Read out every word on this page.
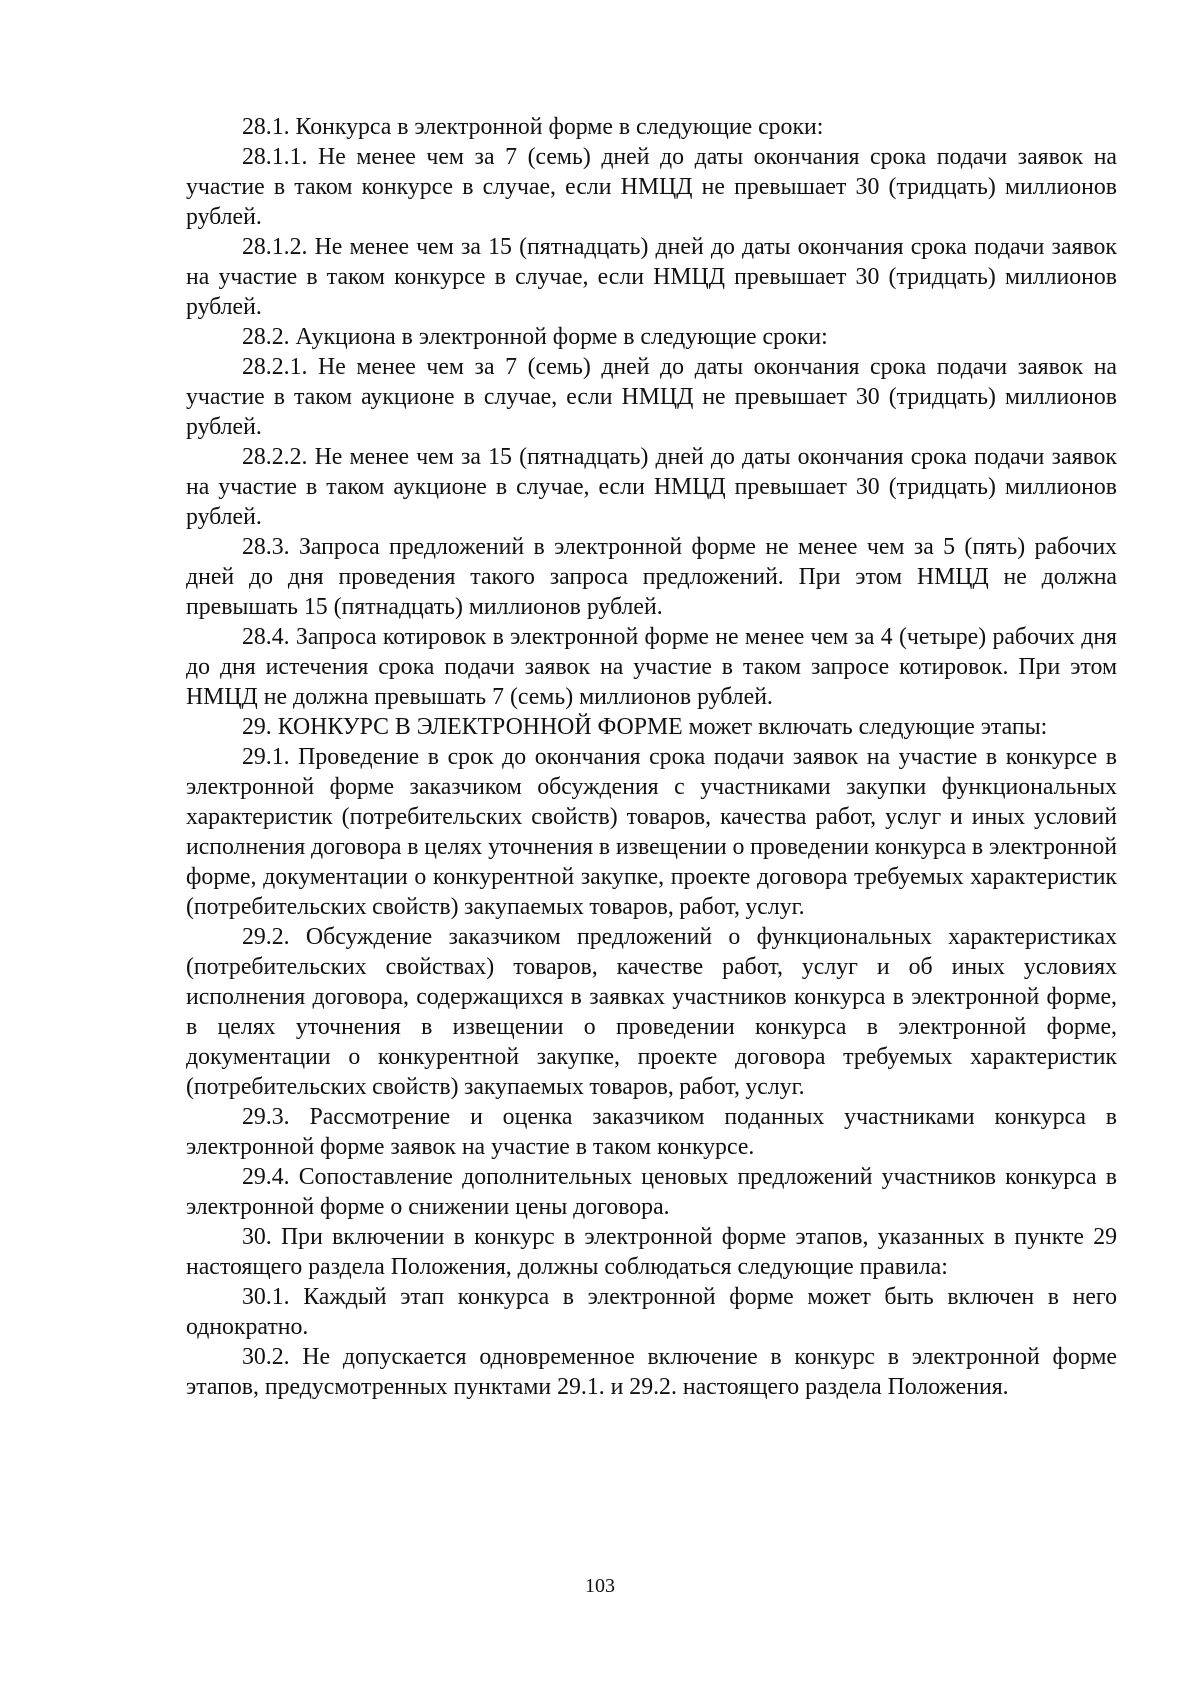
28.1. Конкурса в электронной форме в следующие сроки:

28.1.1. Не менее чем за 7 (семь) дней до даты окончания срока подачи заявок на участие в таком конкурсе в случае, если НМЦД не превышает 30 (тридцать) миллионов рублей.

28.1.2. Не менее чем за 15 (пятнадцать) дней до даты окончания срока подачи заявок на участие в таком конкурсе в случае, если НМЦД превышает 30 (тридцать) миллионов рублей.

28.2. Аукциона в электронной форме в следующие сроки:

28.2.1. Не менее чем за 7 (семь) дней до даты окончания срока подачи заявок на участие в таком аукционе в случае, если НМЦД не превышает 30 (тридцать) миллионов рублей.

28.2.2. Не менее чем за 15 (пятнадцать) дней до даты окончания срока подачи заявок на участие в таком аукционе в случае, если НМЦД превышает 30 (тридцать) миллионов рублей.

28.3. Запроса предложений в электронной форме не менее чем за 5 (пять) рабочих дней до дня проведения такого запроса предложений. При этом НМЦД не должна превышать 15 (пятнадцать) миллионов рублей.

28.4. Запроса котировок в электронной форме не менее чем за 4 (четыре) рабочих дня до дня истечения срока подачи заявок на участие в таком запросе котировок. При этом НМЦД не должна превышать 7 (семь) миллионов рублей.

29. КОНКУРС В ЭЛЕКТРОННОЙ ФОРМЕ может включать следующие этапы:

29.1. Проведение в срок до окончания срока подачи заявок на участие в конкурсе в электронной форме заказчиком обсуждения с участниками закупки функциональных характеристик (потребительских свойств) товаров, качества работ, услуг и иных условий исполнения договора в целях уточнения в извещении о проведении конкурса в электронной форме, документации о конкурентной закупке, проекте договора требуемых характеристик (потребительских свойств) закупаемых товаров, работ, услуг.

29.2. Обсуждение заказчиком предложений о функциональных характеристиках (потребительских свойствах) товаров, качестве работ, услуг и об иных условиях исполнения договора, содержащихся в заявках участников конкурса в электронной форме, в целях уточнения в извещении о проведении конкурса в электронной форме, документации о конкурентной закупке, проекте договора требуемых характеристик (потребительских свойств) закупаемых товаров, работ, услуг.

29.3. Рассмотрение и оценка заказчиком поданных участниками конкурса в электронной форме заявок на участие в таком конкурсе.

29.4. Сопоставление дополнительных ценовых предложений участников конкурса в электронной форме о снижении цены договора.

30. При включении в конкурс в электронной форме этапов, указанных в пункте 29 настоящего раздела Положения, должны соблюдаться следующие правила:

30.1. Каждый этап конкурса в электронной форме может быть включен в него однократно.

30.2. Не допускается одновременное включение в конкурс в электронной форме этапов, предусмотренных пунктами 29.1. и 29.2. настоящего раздела Положения.

103
